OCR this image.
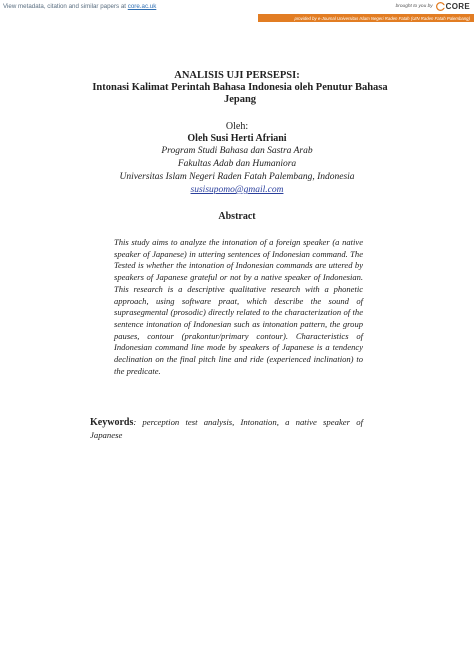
View metadata, citation and similar papers at core.ac.uk	brought to you by CORE
provided by e-Journal Universitas Islam Negeri Raden Fatah (UIN Raden Fatah Palembang)
ANALISIS UJI PERSEPSI:
Intonasi Kalimat Perintah Bahasa Indonesia oleh Penutur Bahasa Jepang
Oleh:
Oleh Susi Herti Afriani
Program Studi Bahasa dan Sastra Arab
Fakultas Adab dan Humaniora
Universitas Islam Negeri Raden Fatah Palembang, Indonesia
susisupomo@gmail.com
Abstract
This study aims to analyze the intonation of a foreign speaker (a native speaker of Japanese) in uttering sentences of Indonesian command. The Tested is whether the intonation of Indonesian commands are uttered by speakers of Japanese grateful or not by a native speaker of Indonesian. This research is a descriptive qualitative research with a phonetic approach, using software praat, which describe the sound of suprasegmental (prosodic) directly related to the characterization of the sentence intonation of Indonesian such as intonation pattern, the group pauses, contour (prakontur/primary contour). Characteristics of Indonesian command line mode by speakers of Japanese is a tendency declination on the final pitch line and ride (experienced inclination) to the predicate.
Keywords: perception test analysis, Intonation, a native speaker of Japanese
